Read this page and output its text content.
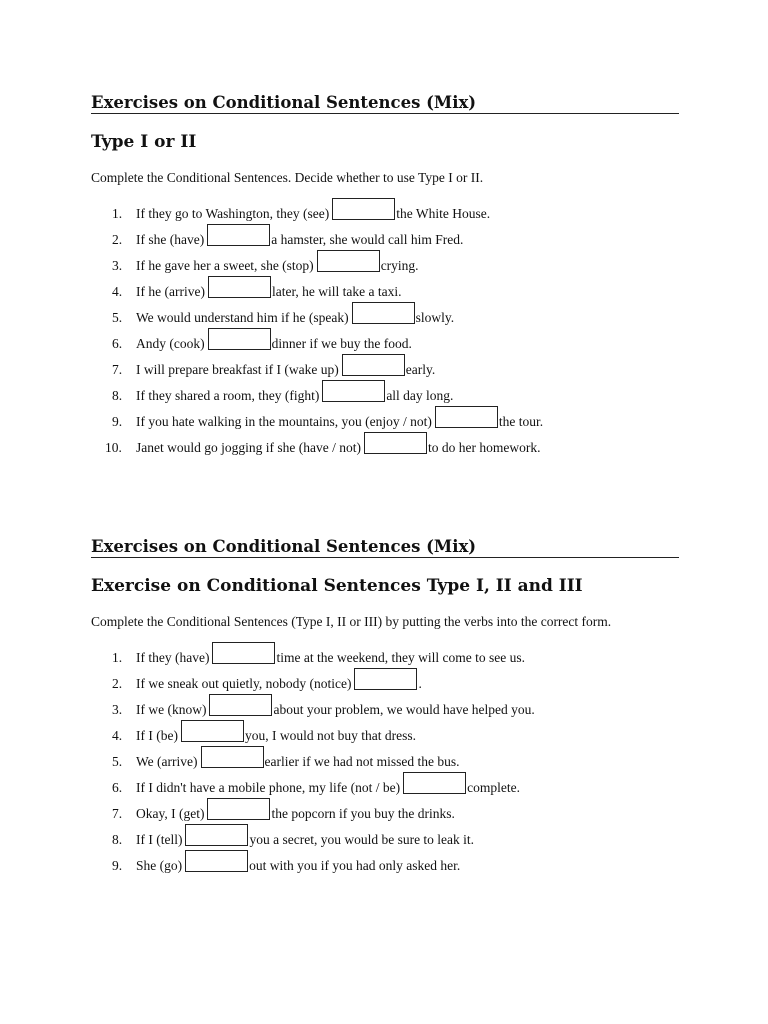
Exercises on Conditional Sentences (Mix)
Type I or II

Complete the Conditional Sentences. Decide whether to use Type I or II.

1. If they go to Washington, they (see)	the White House.
2. If she (have)	a hamster, she would call him Fred.
3. If he gave her a sweet, she (stop)	crying.
4. If he (arrive)	later, he will take a taxi.
5. We would understand him if he (speak)	slowly.
6. Andy (cook)	dinner if we buy the food.
7. I will prepare breakfast if I (wake up)	early.
8. If they shared a room, they (fight)	all day long.
9. If you hate walking in the mountains, you (enjoy / not)	the tour.
10. Janet would go jogging if she (have / not)	to do her homework.
Exercises on Conditional Sentences (Mix)
Exercise on Conditional Sentences Type I, II and III

Complete the Conditional Sentences (Type I, II or III) by putting the verbs into the correct form.

1. If they (have)	time at the weekend, they will come to see us.
2. If we sneak out quietly, nobody (notice)	.
3. If we (know)	about your problem, we would have helped you.
4. If I (be)	you, I would not buy that dress.
5. We (arrive)	earlier if we had not missed the bus.
6. If I didn't have a mobile phone, my life (not / be)	complete.
7. Okay, I (get)	the popcorn if you buy the drinks.
8. If I (tell)	you a secret, you would be sure to leak it.
9. She (go)	out with you if you had only asked her.
